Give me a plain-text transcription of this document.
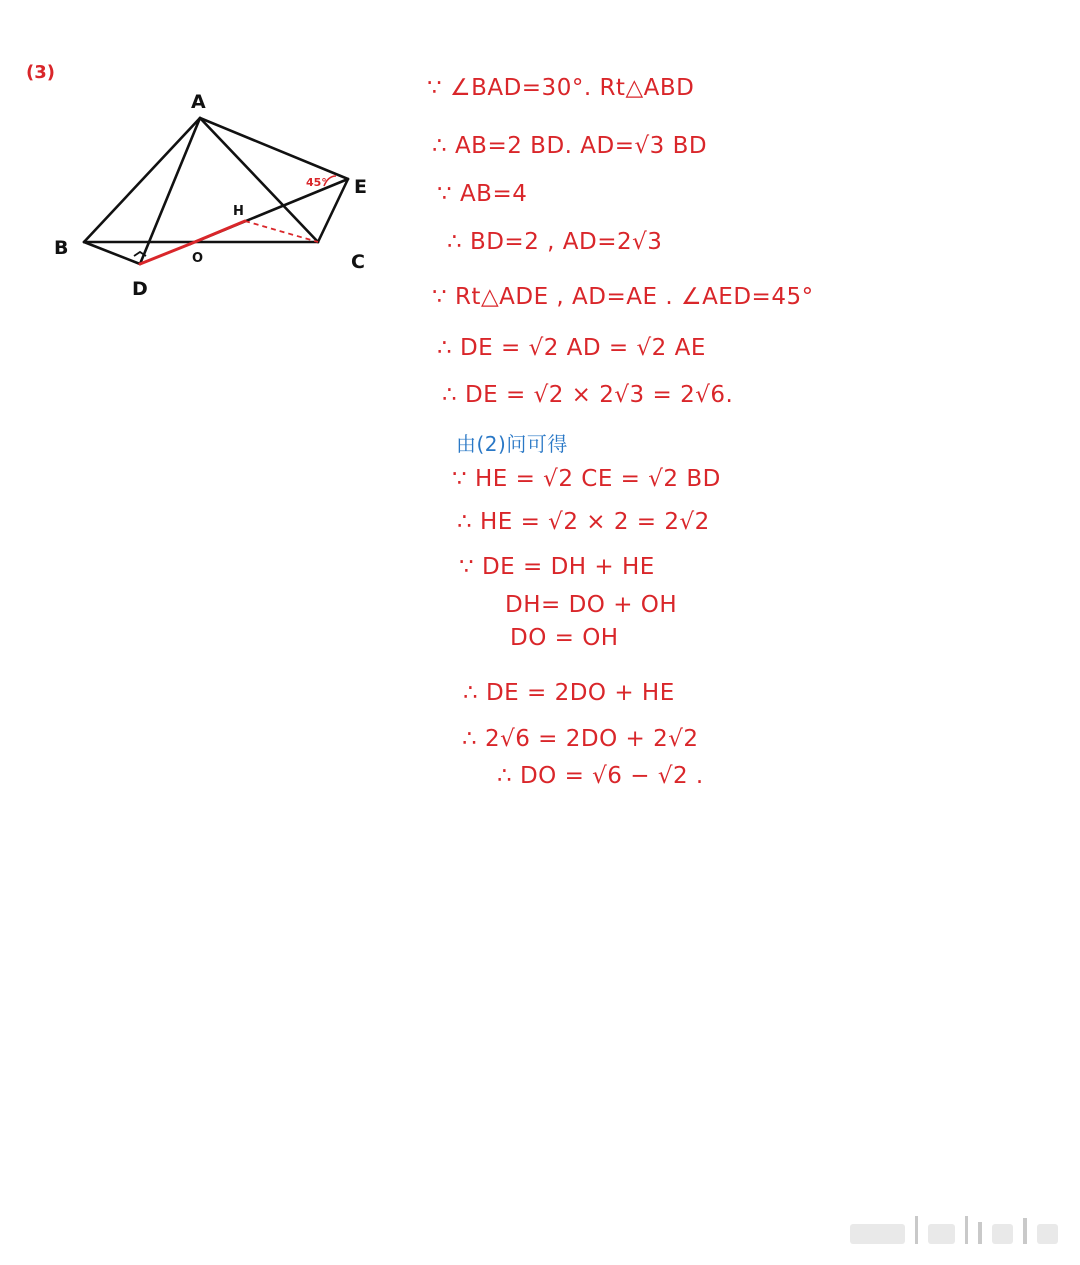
(3)
A
B
C
D
E
O
H
45°
∵ ∠BAD=30°. Rt△ABD
∴ AB=2 BD. AD=√3 BD
∵ AB=4
∴ BD=2 , AD=2√3
∵ Rt△ADE , AD=AE . ∠AED=45°
∴ DE = √2 AD = √2 AE
∴ DE = √2 × 2√3 = 2√6.
由(2)问可得
∵ HE = √2 CE = √2 BD
∴ HE = √2 × 2 = 2√2
∵ DE = DH + HE
DH= DO + OH
DO = OH
∴ DE = 2DO + HE
∴ 2√6 = 2DO + 2√2
∴ DO = √6 − √2 .
